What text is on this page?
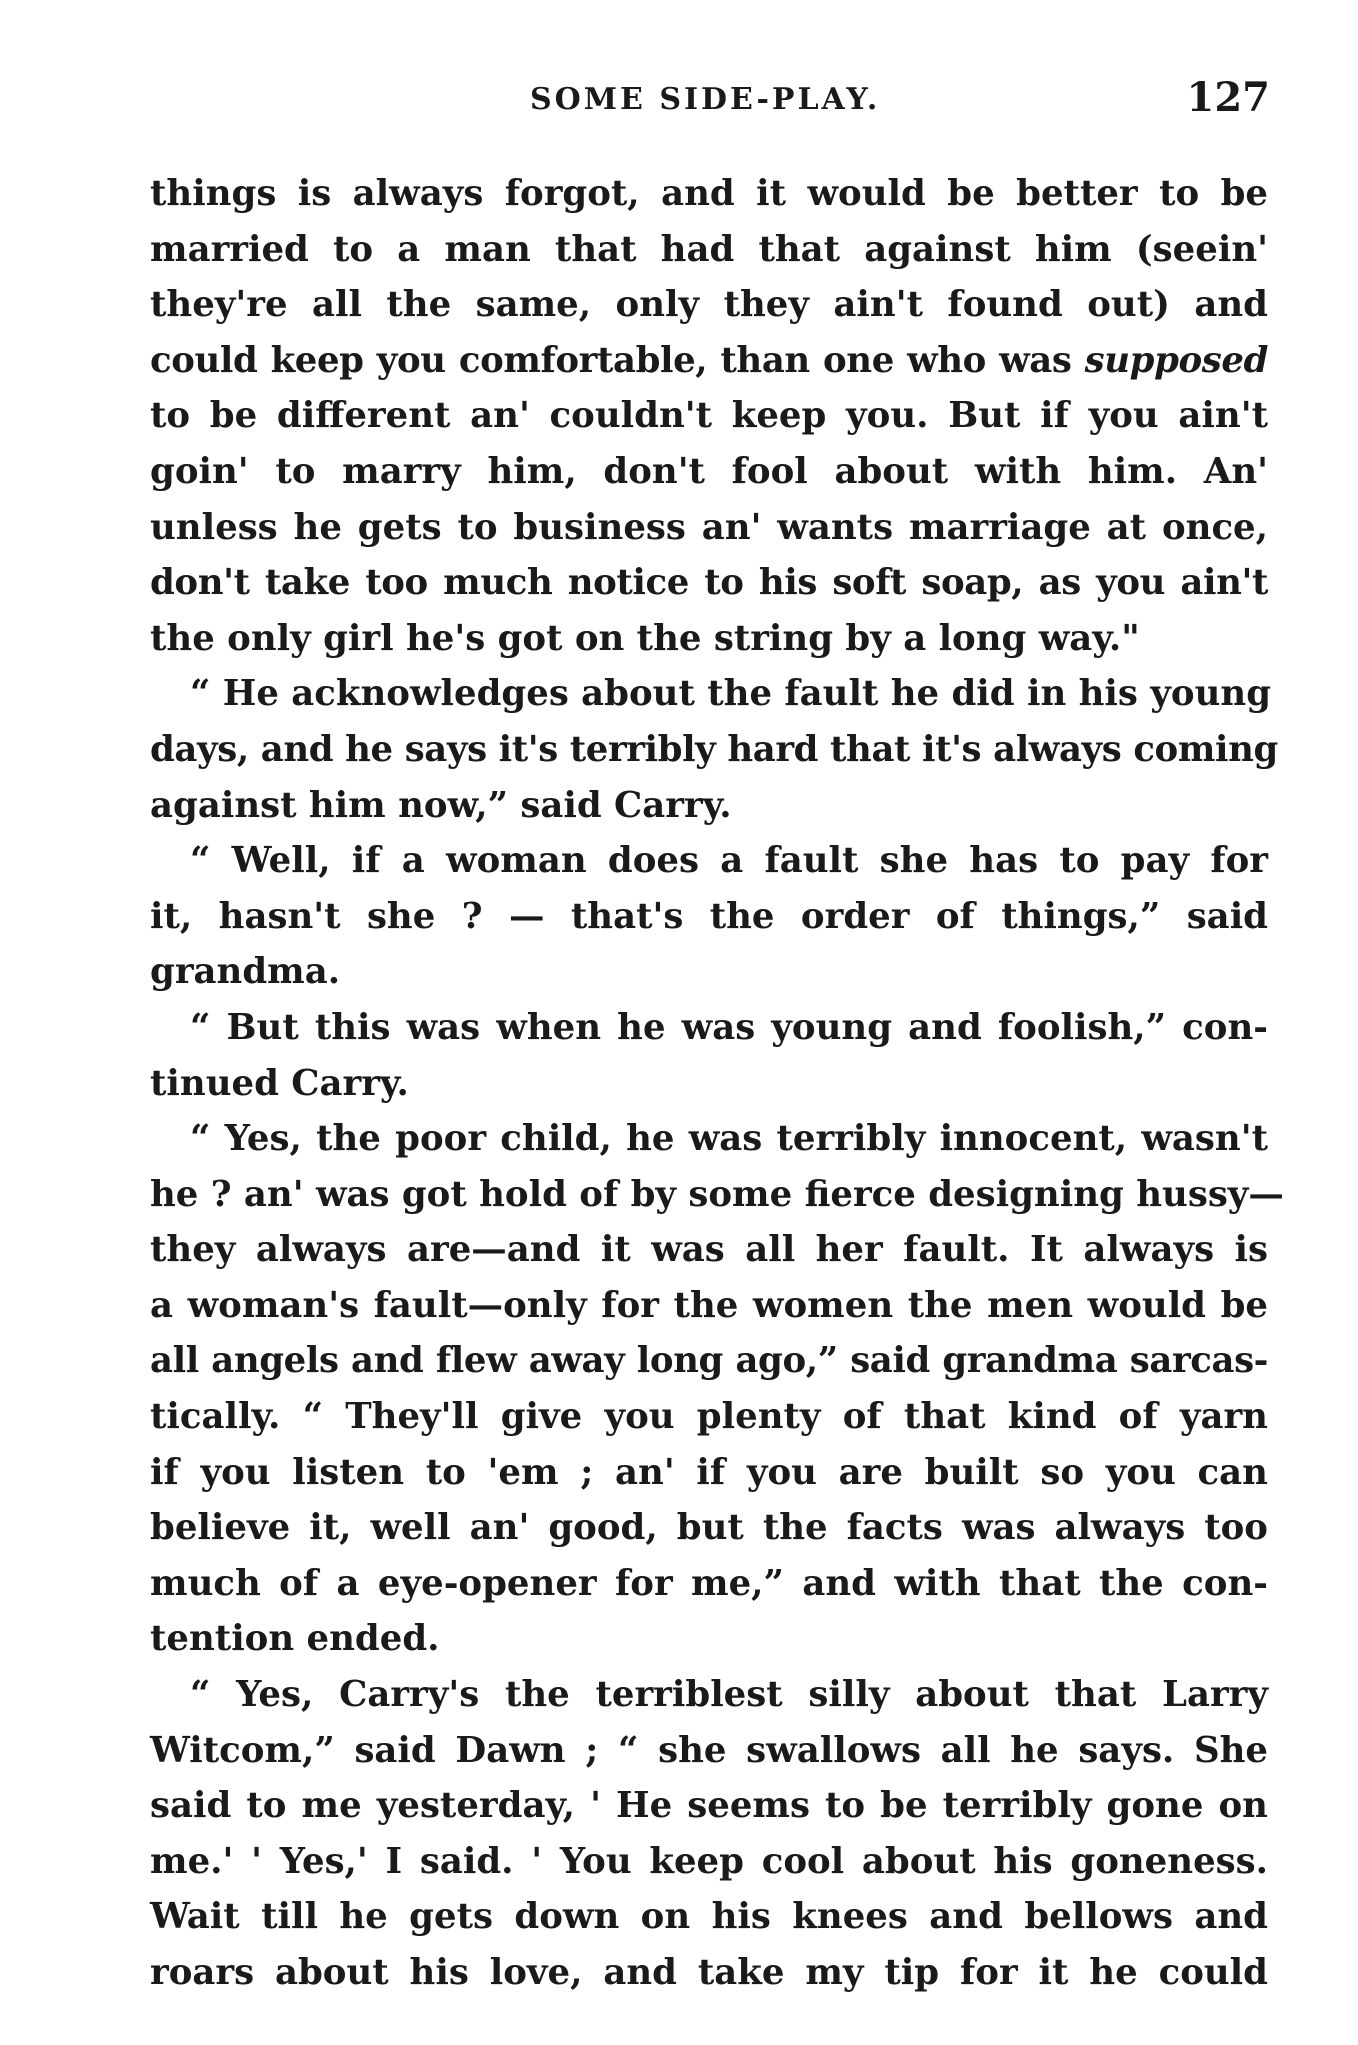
SOME SIDE-PLAY.	127
things is always forgot, and it would be better to be
married to a man that had that against him (seein'
they're all the same, only they ain't found out) and
could keep you comfortable, than one who was supposed
to be different an' couldn't keep you. But if you ain't
goin' to marry him, don't fool about with him. An'
unless he gets to business an' wants marriage at once,
don't take too much notice to his soft soap, as you ain't
the only girl he's got on the string by a long way."
“ He acknowledges about the fault he did in his young
days, and he says it's terribly hard that it's always coming
against him now,” said Carry.
“ Well, if a woman does a fault she has to pay for
it, hasn't she ? — that's the order of things,” said
grandma.
“ But this was when he was young and foolish,” con-
tinued Carry.
“ Yes, the poor child, he was terribly innocent, wasn't
he ? an' was got hold of by some fierce designing hussy—
they always are—and it was all her fault. It always is
a woman's fault—only for the women the men would be
all angels and flew away long ago,” said grandma sarcas-
tically. “ They'll give you plenty of that kind of yarn
if you listen to 'em ; an' if you are built so you can
believe it, well an' good, but the facts was always too
much of a eye-opener for me,” and with that the con-
tention ended.
“ Yes, Carry's the terriblest silly about that Larry
Witcom,” said Dawn ; “ she swallows all he says. She
said to me yesterday, ' He seems to be terribly gone on
me.' ' Yes,' I said. ' You keep cool about his goneness.
Wait till he gets down on his knees and bellows and
roars about his love, and take my tip for it he could
